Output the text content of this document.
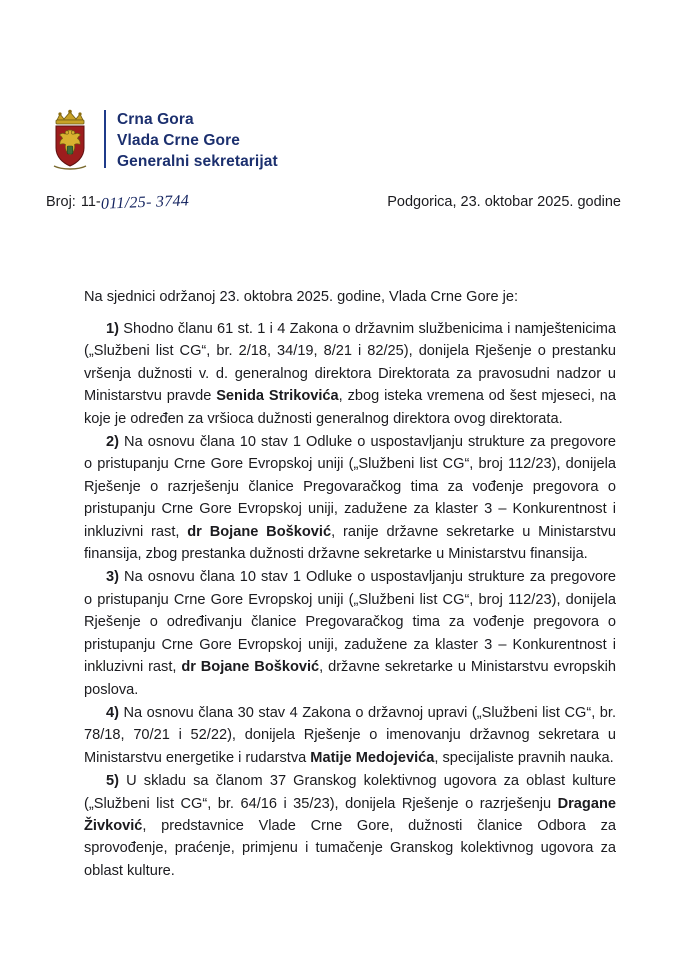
Crna Gora
Vlada Crne Gore
Generalni sekretarijat
Broj: 11- 011/25- 3744	Podgorica, 23. oktobar 2025. godine

Na sjednici održanoj 23. oktobra 2025. godine, Vlada Crne Gore je:

1) Shodno članu 61 st. 1 i 4 Zakona o državnim službenicima i namještenicima („Službeni list CG“, br. 2/18, 34/19, 8/21 i 82/25), donijela Rješenje o prestanku vršenja dužnosti v. d. generalnog direktora Direktorata za pravosudni nadzor u Ministarstvu pravde Senida Strikovića, zbog isteka vremena od šest mjeseci, na koje je određen za vršioca dužnosti generalnog direktora ovog direktorata.

2) Na osnovu člana 10 stav 1 Odluke o uspostavljanju strukture za pregovore o pristupanju Crne Gore Evropskoj uniji („Službeni list CG“, broj 112/23), donijela Rješenje o razrješenju članice Pregovaračkog tima za vođenje pregovora o pristupanju Crne Gore Evropskoj uniji, zadužene za klaster 3 – Konkurentnost i inkluzivni rast, dr Bojane Bošković, ranije državne sekretarke u Ministarstvu finansija, zbog prestanka dužnosti državne sekretarke u Ministarstvu finansija.

3) Na osnovu člana 10 stav 1 Odluke o uspostavljanju strukture za pregovore o pristupanju Crne Gore Evropskoj uniji („Službeni list CG“, broj 112/23), donijela Rješenje o određivanju članice Pregovaračkog tima za vođenje pregovora o pristupanju Crne Gore Evropskoj uniji, zadužene za klaster 3 – Konkurentnost i inkluzivni rast, dr Bojane Bošković, državne sekretarke u Ministarstvu evropskih poslova.

4) Na osnovu člana 30 stav 4 Zakona o državnoj upravi („Službeni list CG“, br. 78/18, 70/21 i 52/22), donijela Rješenje o imenovanju državnog sekretara u Ministarstvu energetike i rudarstva Matije Medojevića, specijaliste pravnih nauka.

5) U skladu sa članom 37 Granskog kolektivnog ugovora za oblast kulture („Službeni list CG“, br. 64/16 i 35/23), donijela Rješenje o razrješenju Dragane Živković, predstavnice Vlade Crne Gore, dužnosti članice Odbora za sprovođenje, praćenje, primjenu i tumačenje Granskog kolektivnog ugovora za oblast kulture.
